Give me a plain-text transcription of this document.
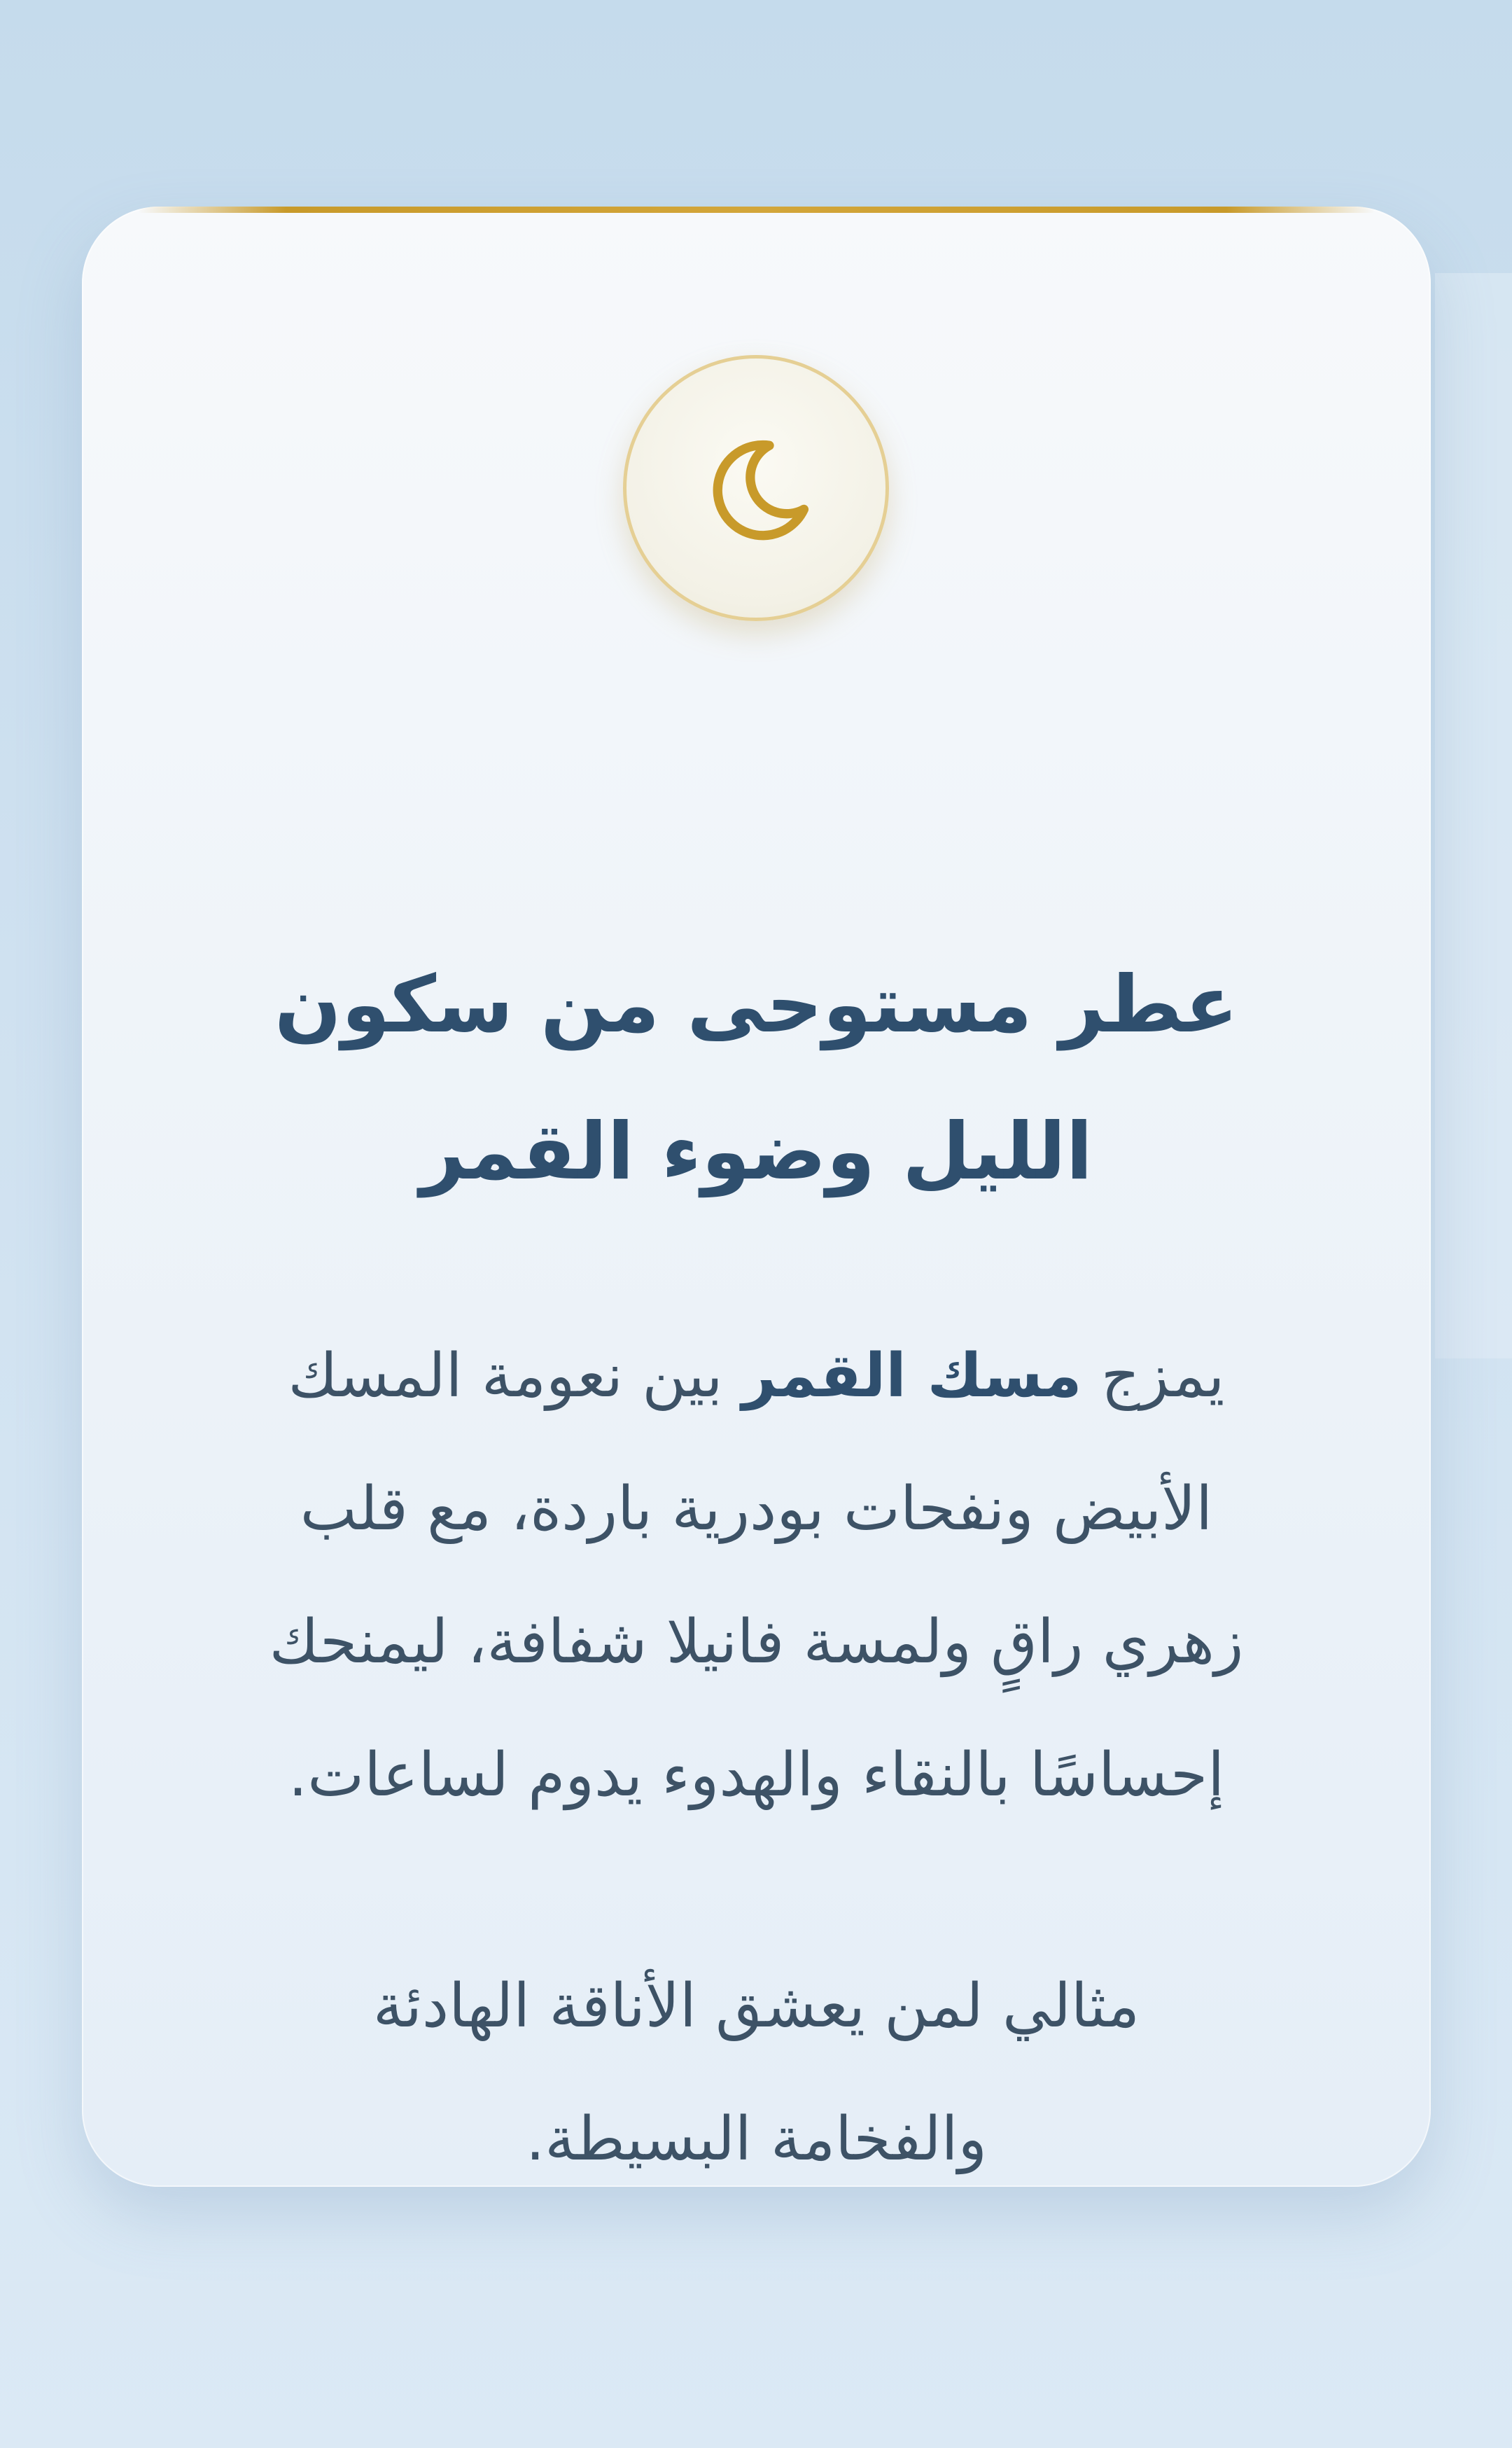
عطر مستوحى من سكون
الليل وضوء القمر

يمزج مسك القمر بين نعومة المسك
الأبيض ونفحات بودرية باردة، مع قلب
زهري راقٍ ولمسة فانيلا شفافة، ليمنحك
إحساسًا بالنقاء والهدوء يدوم لساعات.

مثالي لمن يعشق الأناقة الهادئة
والفخامة البسيطة.
